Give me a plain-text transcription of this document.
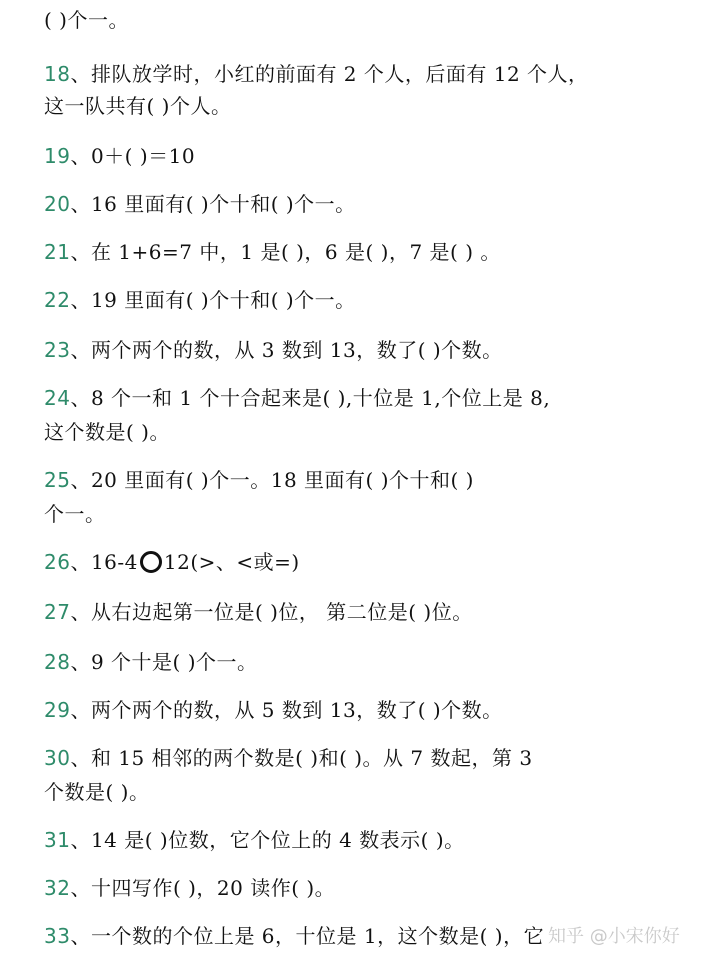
( )个一。
18、排队放学时，小红的前面有 2 个人，后面有 12 个人，
这一队共有( )个人。
19、0＋( )＝10
20、16 里面有( )个十和( )个一。
21、在 1+6=7 中，1 是( )，6 是( )，7 是( ) 。
22、19 里面有( )个十和( )个一。
23、两个两个的数，从 3 数到 13，数了( )个数。
24、8 个一和 1 个十合起来是( ),十位是 1,个位上是 8,
这个数是( )。
25、20 里面有( )个一。18 里面有( )个十和( )
个一。
26、16-4 12(>、<或=)
27、从右边起第一位是( )位， 第二位是( )位。
28、9 个十是( )个一。
29、两个两个的数，从 5 数到 13，数了( )个数。
30、和 15 相邻的两个数是( )和( )。从 7 数起，第 3
个数是( )。
31、14 是( )位数，它个位上的 4 数表示( )。
32、十四写作( )，20 读作( )。
33、一个数的个位上是 6，十位是 1，这个数是( )，它 知乎 @小宋你好
